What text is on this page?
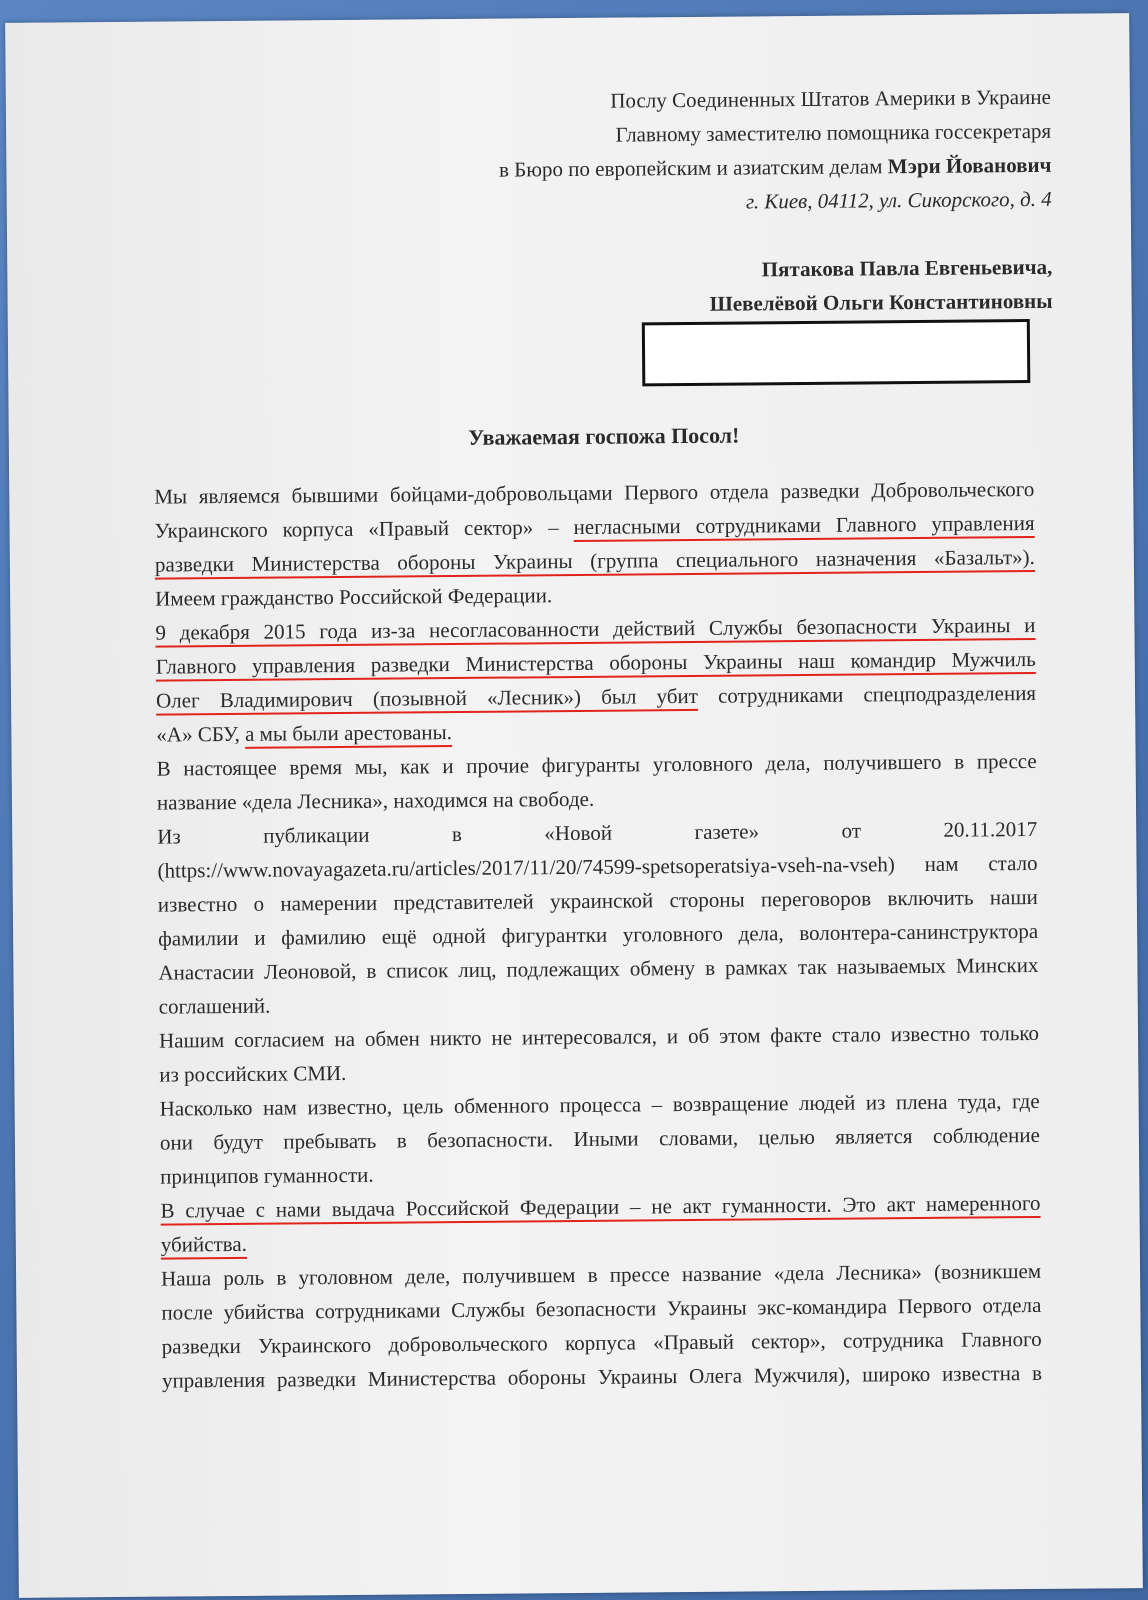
Послу Соединенных Штатов Америки в Украине
Главному заместителю помощника госсекретаря
в Бюро по европейским и азиатским делам Мэри Йованович
г. Киев, 04112, ул. Сикорского, д. 4
Пятакова Павла Евгеньевича,
Шевелёвой Ольги Константиновны
Уважаемая госпожа Посол!
Мы являемся бывшими бойцами-добровольцами Первого отдела разведки Добровольческого
Украинского корпуса «Правый сектор» – негласными сотрудниками Главного управления
разведки Министерства обороны Украины (группа специального назначения «Базальт»).
Имеем гражданство Российской Федерации.
9 декабря 2015 года из-за несогласованности действий Службы безопасности Украины и
Главного управления разведки Министерства обороны Украины наш командир Мужчиль
Олег Владимирович (позывной «Лесник») был убит сотрудниками спецподразделения
«А» СБУ, а мы были арестованы.
В настоящее время мы, как и прочие фигуранты уголовного дела, получившего в прессе
название «дела Лесника», находимся на свободе.
Из	публикации	в	«Новой	газете»	от	20.11.2017
(https://www.novayagazeta.ru/articles/2017/11/20/74599-spetsoperatsiya-vseh-na-vseh) нам стало
известно о намерении представителей украинской стороны переговоров включить наши
фамилии и фамилию ещё одной фигурантки уголовного дела, волонтера-санинструктора
Анастасии Леоновой, в список лиц, подлежащих обмену в рамках так называемых Минских
соглашений.
Нашим согласием на обмен никто не интересовался, и об этом факте стало известно только
из российских СМИ.
Насколько нам известно, цель обменного процесса – возвращение людей из плена туда, где
они будут пребывать в безопасности. Иными словами, целью является соблюдение
принципов гуманности.
В случае с нами выдача Российской Федерации – не акт гуманности. Это акт намеренного
убийства.
Наша роль в уголовном деле, получившем в прессе название «дела Лесника» (возникшем
после убийства сотрудниками Службы безопасности Украины экс-командира Первого отдела
разведки Украинского добровольческого корпуса «Правый сектор», сотрудника Главного
управления разведки Министерства обороны Украины Олега Мужчиля), широко известна в
